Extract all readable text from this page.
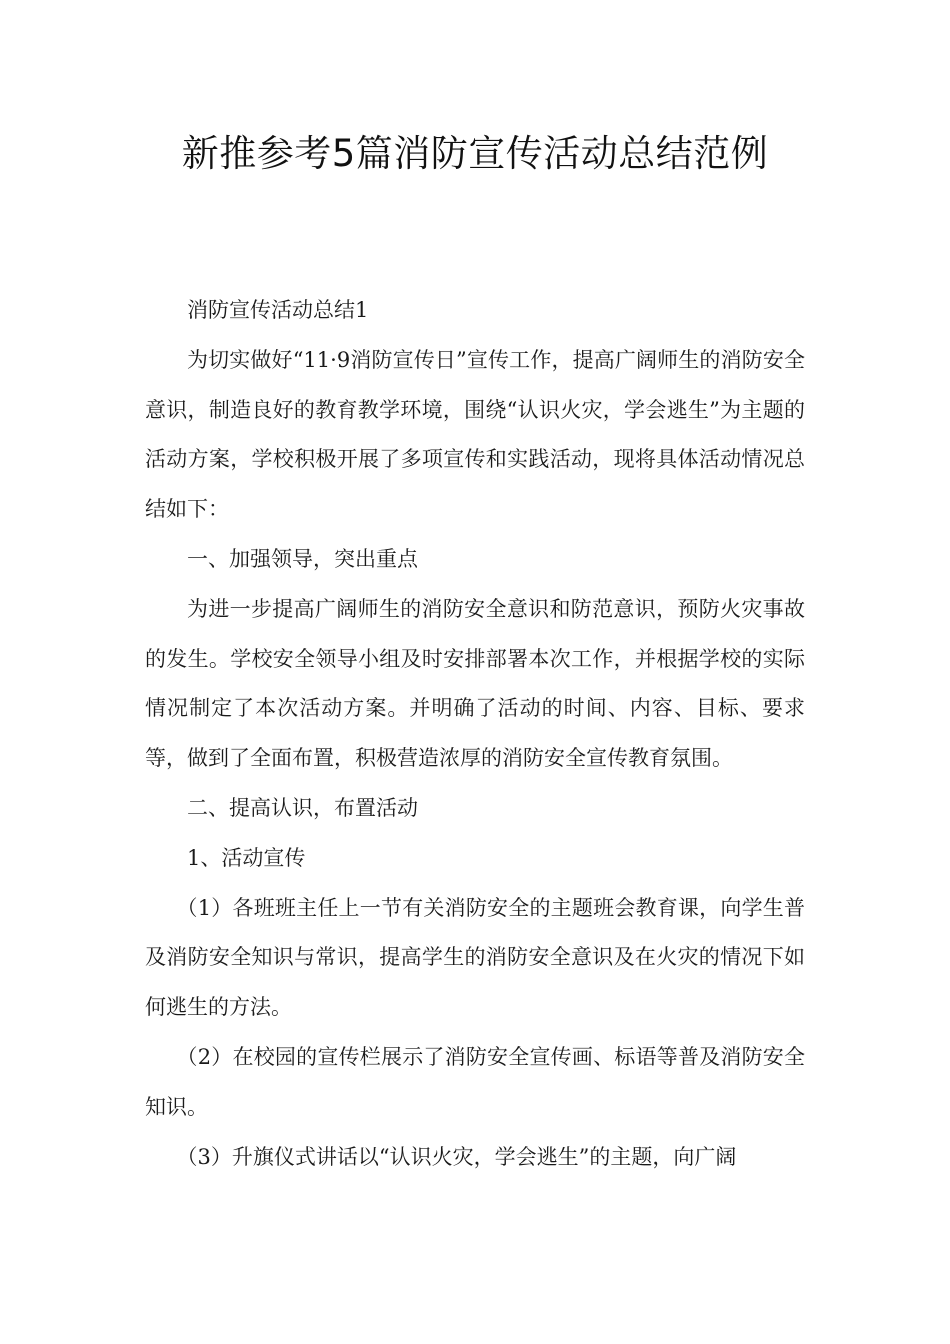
新推参考5篇消防宣传活动总结范例

消防宣传活动总结1

为切实做好“11·9消防宣传日”宣传工作，提高广阔师生的消防安全意识，制造良好的教育教学环境，围绕“认识火灾，学会逃生”为主题的活动方案，学校积极开展了多项宣传和实践活动，现将具体活动情况总结如下：

一、加强领导，突出重点

为进一步提高广阔师生的消防安全意识和防范意识，预防火灾事故的发生。学校安全领导小组及时安排部署本次工作，并根据学校的实际情况制定了本次活动方案。并明确了活动的时间、内容、目标、要求等，做到了全面布置，积极营造浓厚的消防安全宣传教育氛围。

二、提高认识，布置活动

1、活动宣传

（1）各班班主任上一节有关消防安全的主题班会教育课，向学生普及消防安全知识与常识，提高学生的消防安全意识及在火灾的情况下如何逃生的方法。

（2）在校园的宣传栏展示了消防安全宣传画、标语等普及消防安全知识。

（3）升旗仪式讲话以“认识火灾，学会逃生”的主题，向广阔
